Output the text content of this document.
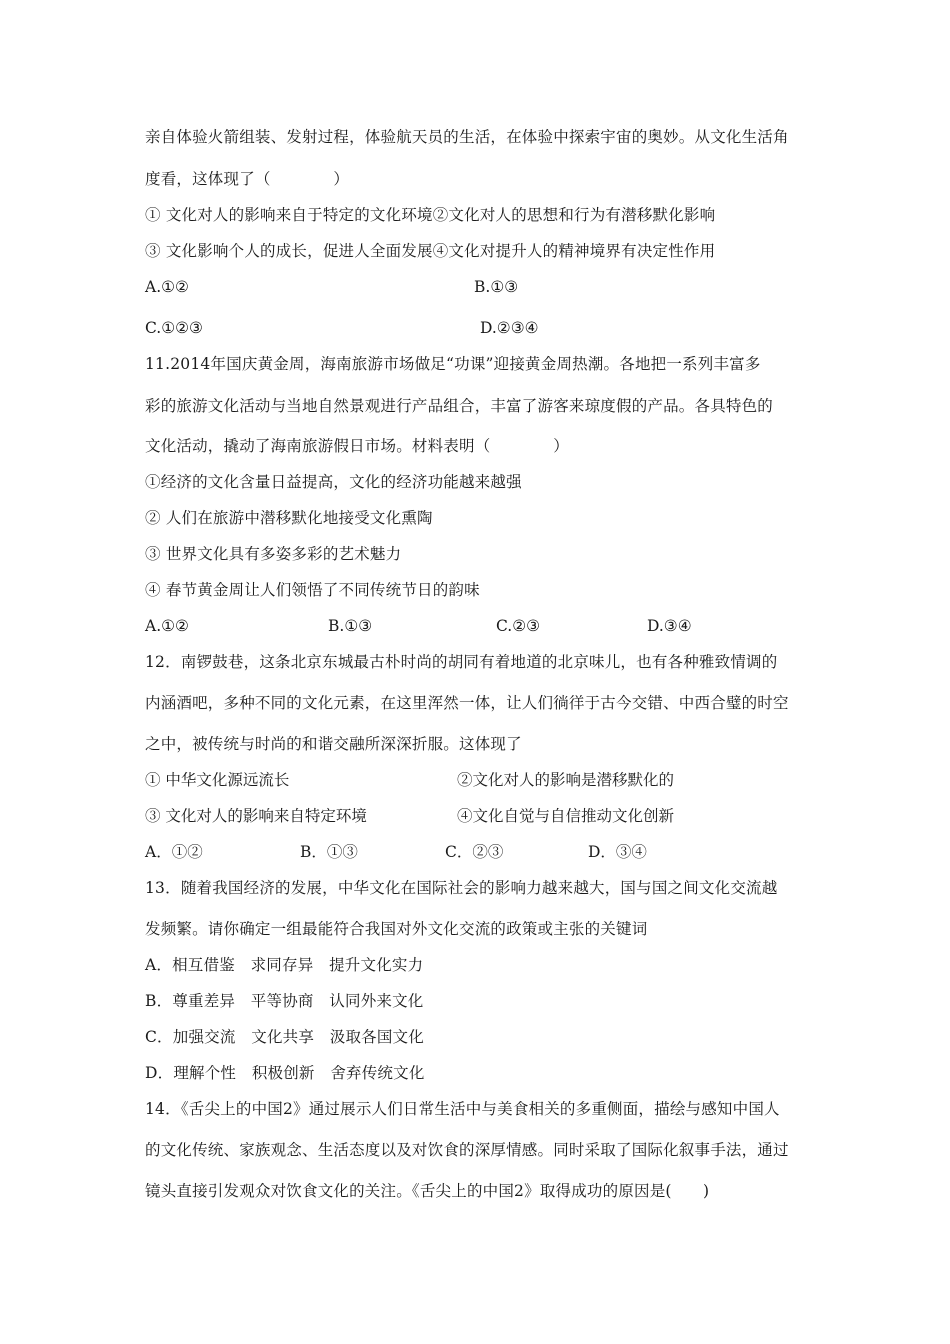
亲自体验火箭组装、发射过程，体验航天员的生活，在体验中探索宇宙的奥妙。从文化生活角
度看，这体现了（　　　　）
① 文化对人的影响来自于特定的文化环境②文化对人的思想和行为有潜移默化影响
③ 文化影响个人的成长，促进人全面发展④文化对提升人的精神境界有决定性作用
A.①②	B.①③
C.①②③	D.②③④
11.2014年国庆黄金周，海南旅游市场做足“功课”迎接黄金周热潮。各地把一系列丰富多
彩的旅游文化活动与当地自然景观进行产品组合，丰富了游客来琼度假的产品。各具特色的
文化活动，撬动了海南旅游假日市场。材料表明（　　　　）
①经济的文化含量日益提高，文化的经济功能越来越强
② 人们在旅游中潜移默化地接受文化熏陶
③ 世界文化具有多姿多彩的艺术魅力
④ 春节黄金周让人们领悟了不同传统节日的韵味
A.①②	B.①③	C.②③	D.③④
12．南锣鼓巷，这条北京东城最古朴时尚的胡同有着地道的北京味儿，也有各种雅致情调的
内涵酒吧，多种不同的文化元素，在这里浑然一体，让人们徜徉于古今交错、中西合璧的时空
之中，被传统与时尚的和谐交融所深深折服。这体现了
① 中华文化源远流长	②文化对人的影响是潜移默化的
③ 文化对人的影响来自特定环境	④文化自觉与自信推动文化创新
A．①②	B．①③	C．②③	D．③④
13．随着我国经济的发展，中华文化在国际社会的影响力越来越大，国与国之间文化交流越
发频繁。请你确定一组最能符合我国对外文化交流的政策或主张的关键词
A．相互借鉴　求同存异　提升文化实力
B．尊重差异　平等协商　认同外来文化
C．加强交流　文化共享　汲取各国文化
D．理解个性　积极创新　舍弃传统文化
14．《舌尖上的中国2》通过展示人们日常生活中与美食相关的多重侧面，描绘与感知中国人
的文化传统、家族观念、生活态度以及对饮食的深厚情感。同时采取了国际化叙事手法，通过
镜头直接引发观众对饮食文化的关注。《舌尖上的中国2》取得成功的原因是(　　)
